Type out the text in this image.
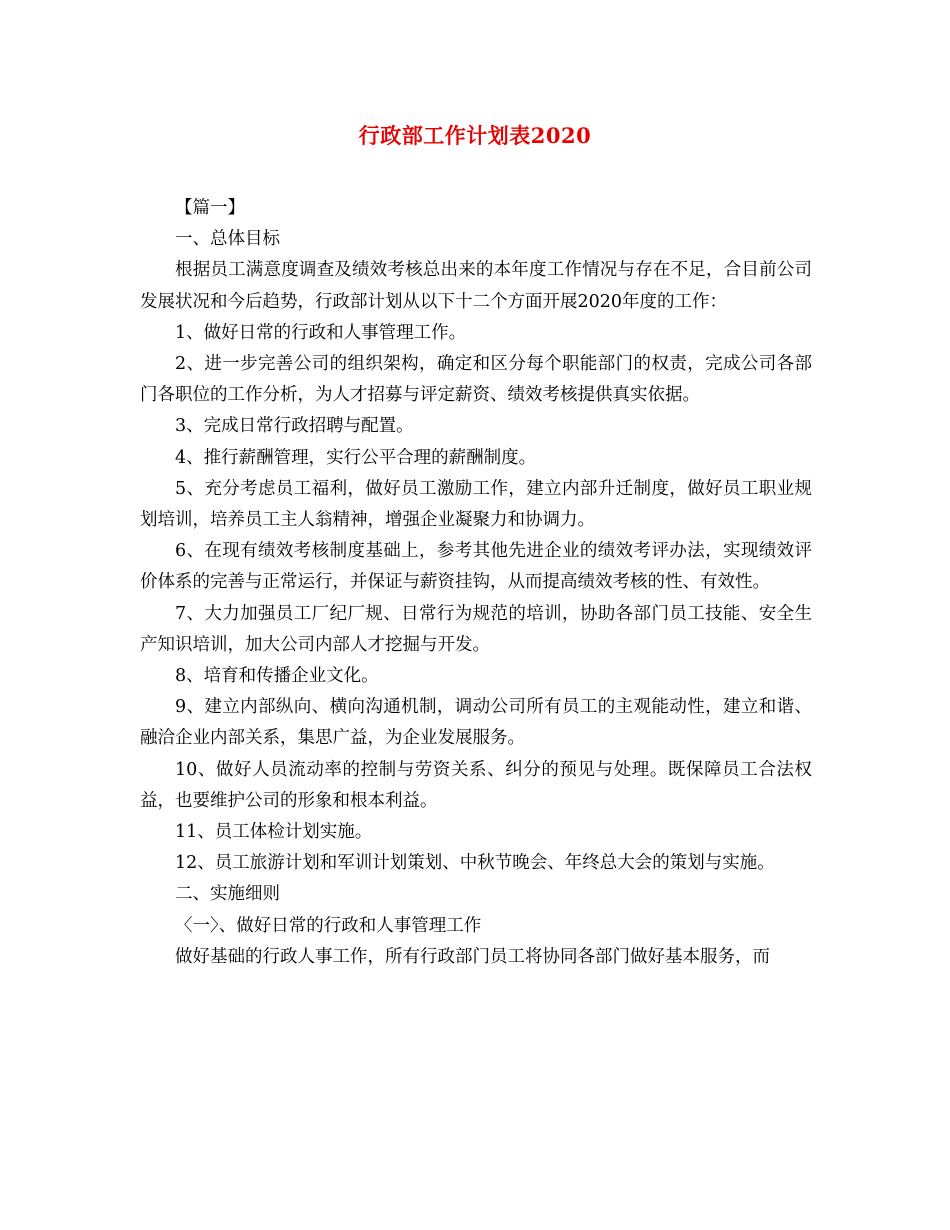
行政部工作计划表2020

【篇一】

一、总体目标

根据员工满意度调查及绩效考核总出来的本年度工作情况与存在不足，合目前公司发展状况和今后趋势，行政部计划从以下十二个方面开展2020年度的工作：

1、做好日常的行政和人事管理工作。

2、进一步完善公司的组织架构，确定和区分每个职能部门的权责，完成公司各部门各职位的工作分析，为人才招募与评定薪资、绩效考核提供真实依据。

3、完成日常行政招聘与配置。

4、推行薪酬管理，实行公平合理的薪酬制度。

5、充分考虑员工福利，做好员工激励工作，建立内部升迁制度，做好员工职业规划培训，培养员工主人翁精神，增强企业凝聚力和协调力。

6、在现有绩效考核制度基础上，参考其他先进企业的绩效考评办法，实现绩效评价体系的完善与正常运行，并保证与薪资挂钩，从而提高绩效考核的性、有效性。

7、大力加强员工厂纪厂规、日常行为规范的培训，协助各部门员工技能、安全生产知识培训，加大公司内部人才挖掘与开发。

8、培育和传播企业文化。

9、建立内部纵向、横向沟通机制，调动公司所有员工的主观能动性，建立和谐、融洽企业内部关系，集思广益，为企业发展服务。

10、做好人员流动率的控制与劳资关系、纠分的预见与处理。既保障员工合法权益，也要维护公司的形象和根本利益。

11、员工体检计划实施。

12、员工旅游计划和军训计划策划、中秋节晚会、年终总大会的策划与实施。

二、实施细则

〈一〉、做好日常的行政和人事管理工作

做好基础的行政人事工作，所有行政部门员工将协同各部门做好基本服务，而
